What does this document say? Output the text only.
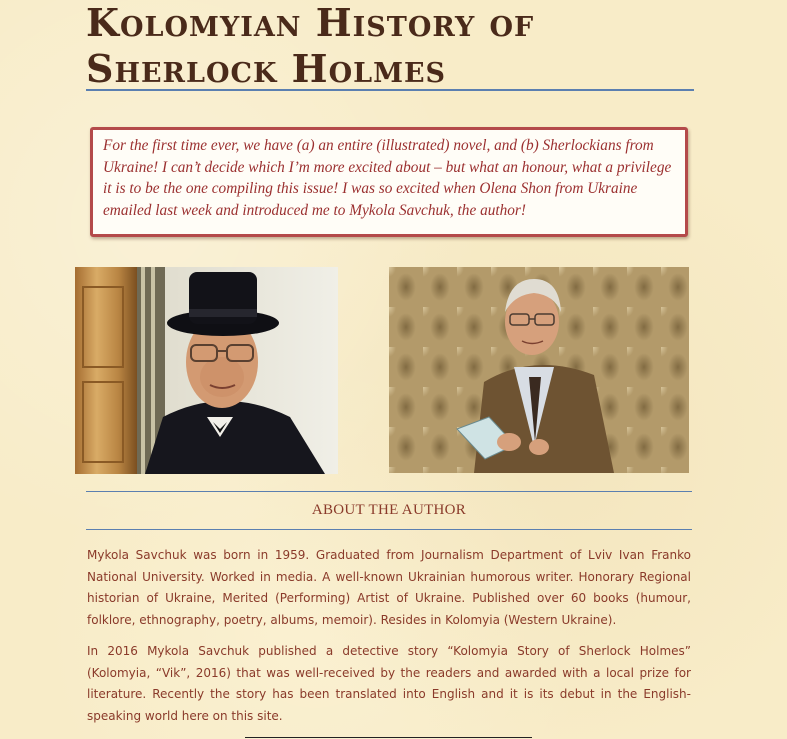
Kolomyian History of
Sherlock Holmes
For the first time ever, we have (a) an entire (illustrated) novel, and (b) Sherlockians from Ukraine! I can’t decide which I’m more excited about – but what an honour, what a privilege it is to be the one compiling this issue! I was so excited when Olena Shon from Ukraine emailed last week and introduced me to Mykola Savchuk, the author!
ABOUT THE AUTHOR
Mykola Savchuk was born in 1959. Graduated from Journalism Department of Lviv Ivan Franko National University. Worked in media. A well-known Ukrainian humorous writer. Honorary Regional historian of Ukraine, Merited (Performing) Artist of Ukraine. Published over 60 books (humour, folklore, ethnography, poetry, albums, memoir). Resides in Kolomyia (Western Ukraine).
In 2016 Mykola Savchuk published a detective story “Kolomyia Story of Sherlock Holmes” (Kolomyia, “Vik”, 2016) that was well-received by the readers and awarded with a local prize for literature. Recently the story has been translated into English and it is its debut in the English-speaking world here on this site.
